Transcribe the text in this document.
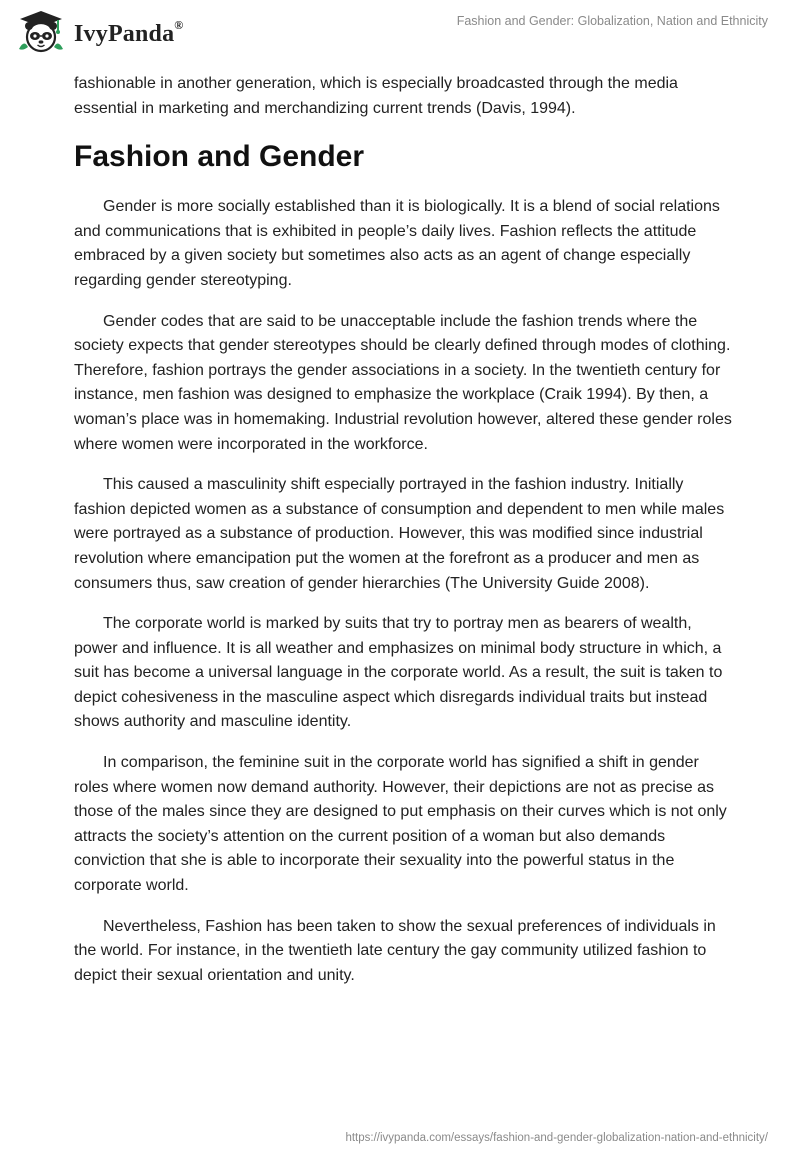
IvyPanda®	Fashion and Gender: Globalization, Nation and Ethnicity

fashionable in another generation, which is especially broadcasted through the media essential in marketing and merchandizing current trends (Davis, 1994).

Fashion and Gender

Gender is more socially established than it is biologically. It is a blend of social relations and communications that is exhibited in people’s daily lives. Fashion reflects the attitude embraced by a given society but sometimes also acts as an agent of change especially regarding gender stereotyping.

Gender codes that are said to be unacceptable include the fashion trends where the society expects that gender stereotypes should be clearly defined through modes of clothing. Therefore, fashion portrays the gender associations in a society. In the twentieth century for instance, men fashion was designed to emphasize the workplace (Craik 1994). By then, a woman’s place was in homemaking. Industrial revolution however, altered these gender roles where women were incorporated in the workforce.

This caused a masculinity shift especially portrayed in the fashion industry. Initially fashion depicted women as a substance of consumption and dependent to men while males were portrayed as a substance of production. However, this was modified since industrial revolution where emancipation put the women at the forefront as a producer and men as consumers thus, saw creation of gender hierarchies (The University Guide 2008).

The corporate world is marked by suits that try to portray men as bearers of wealth, power and influence. It is all weather and emphasizes on minimal body structure in which, a suit has become a universal language in the corporate world. As a result, the suit is taken to depict cohesiveness in the masculine aspect which disregards individual traits but instead shows authority and masculine identity.

In comparison, the feminine suit in the corporate world has signified a shift in gender roles where women now demand authority. However, their depictions are not as precise as those of the males since they are designed to put emphasis on their curves which is not only attracts the society’s attention on the current position of a woman but also demands conviction that she is able to incorporate their sexuality into the powerful status in the corporate world.

Nevertheless, Fashion has been taken to show the sexual preferences of individuals in the world. For instance, in the twentieth late century the gay community utilized fashion to depict their sexual orientation and unity.

https://ivypanda.com/essays/fashion-and-gender-globalization-nation-and-ethnicity/
